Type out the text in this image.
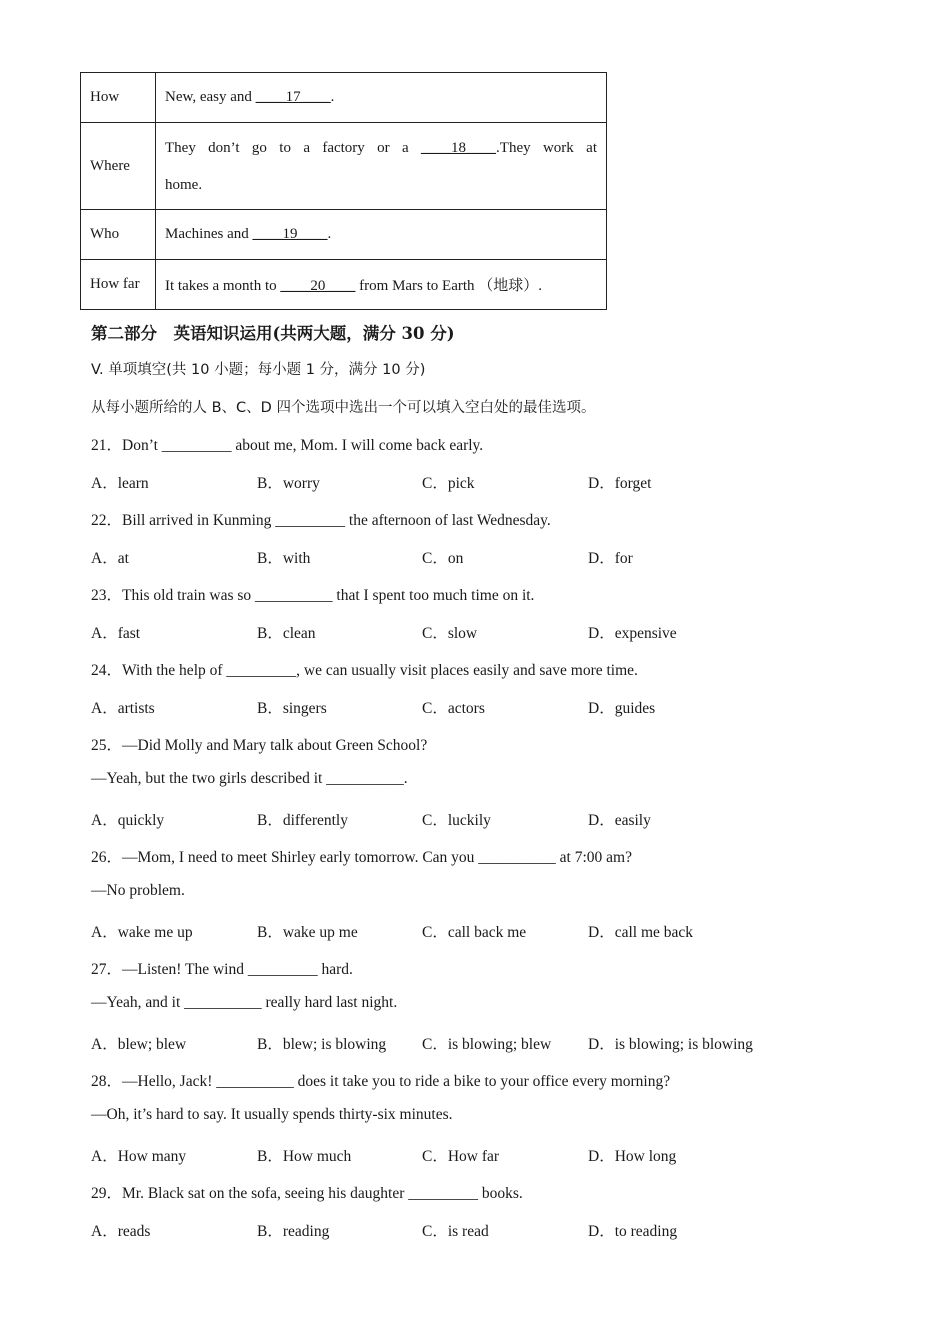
How	New, easy and ____17____.
Where	They don’t go to a factory or a ____18____.They work at
home.

Who	Machines and ____19____.
How far	It takes a month to ____20____ from Mars to Earth （地球）.
第二部分　英语知识运用(共两大题，满分 30 分)
V. 单项填空(共 10 小题；每小题 1 分，满分 10 分)
从每小题所给的人 B、C、D 四个选项中选出一个可以填入空白处的最佳选项。
21．Don’t _________ about me, Mom. I will come back early.
A．learn	B．worry	C．pick	D．forget
22．Bill arrived in Kunming _________ the afternoon of last Wednesday.
A．at	B．with	C．on	D．for
23．This old train was so __________ that I spent too much time on it.
A．fast	B．clean	C．slow	D．expensive
24．With the help of _________, we can usually visit places easily and save more time.
A．artists	B．singers	C．actors	D．guides
25．—Did Molly and Mary talk about Green School?
—Yeah, but the two girls described it __________.
A．quickly	B．differently	C．luckily	D．easily
26．—Mom, I need to meet Shirley early tomorrow. Can you __________ at 7:00 am?
—No problem.
A．wake me up	B．wake up me	C．call back me	D．call me back
27．—Listen! The wind _________ hard.
—Yeah, and it __________ really hard last night.
A．blew; blew	B．blew; is blowing C．is blowing; blew D．is blowing; is blowing
28．—Hello, Jack! __________ does it take you to ride a bike to your office every morning?
—Oh, it’s hard to say. It usually spends thirty-six minutes.
A．How many	B．How much	C．How far	D．How long
29．Mr. Black sat on the sofa, seeing his daughter _________ books.
A．reads	B．reading	C．is read	D．to reading
